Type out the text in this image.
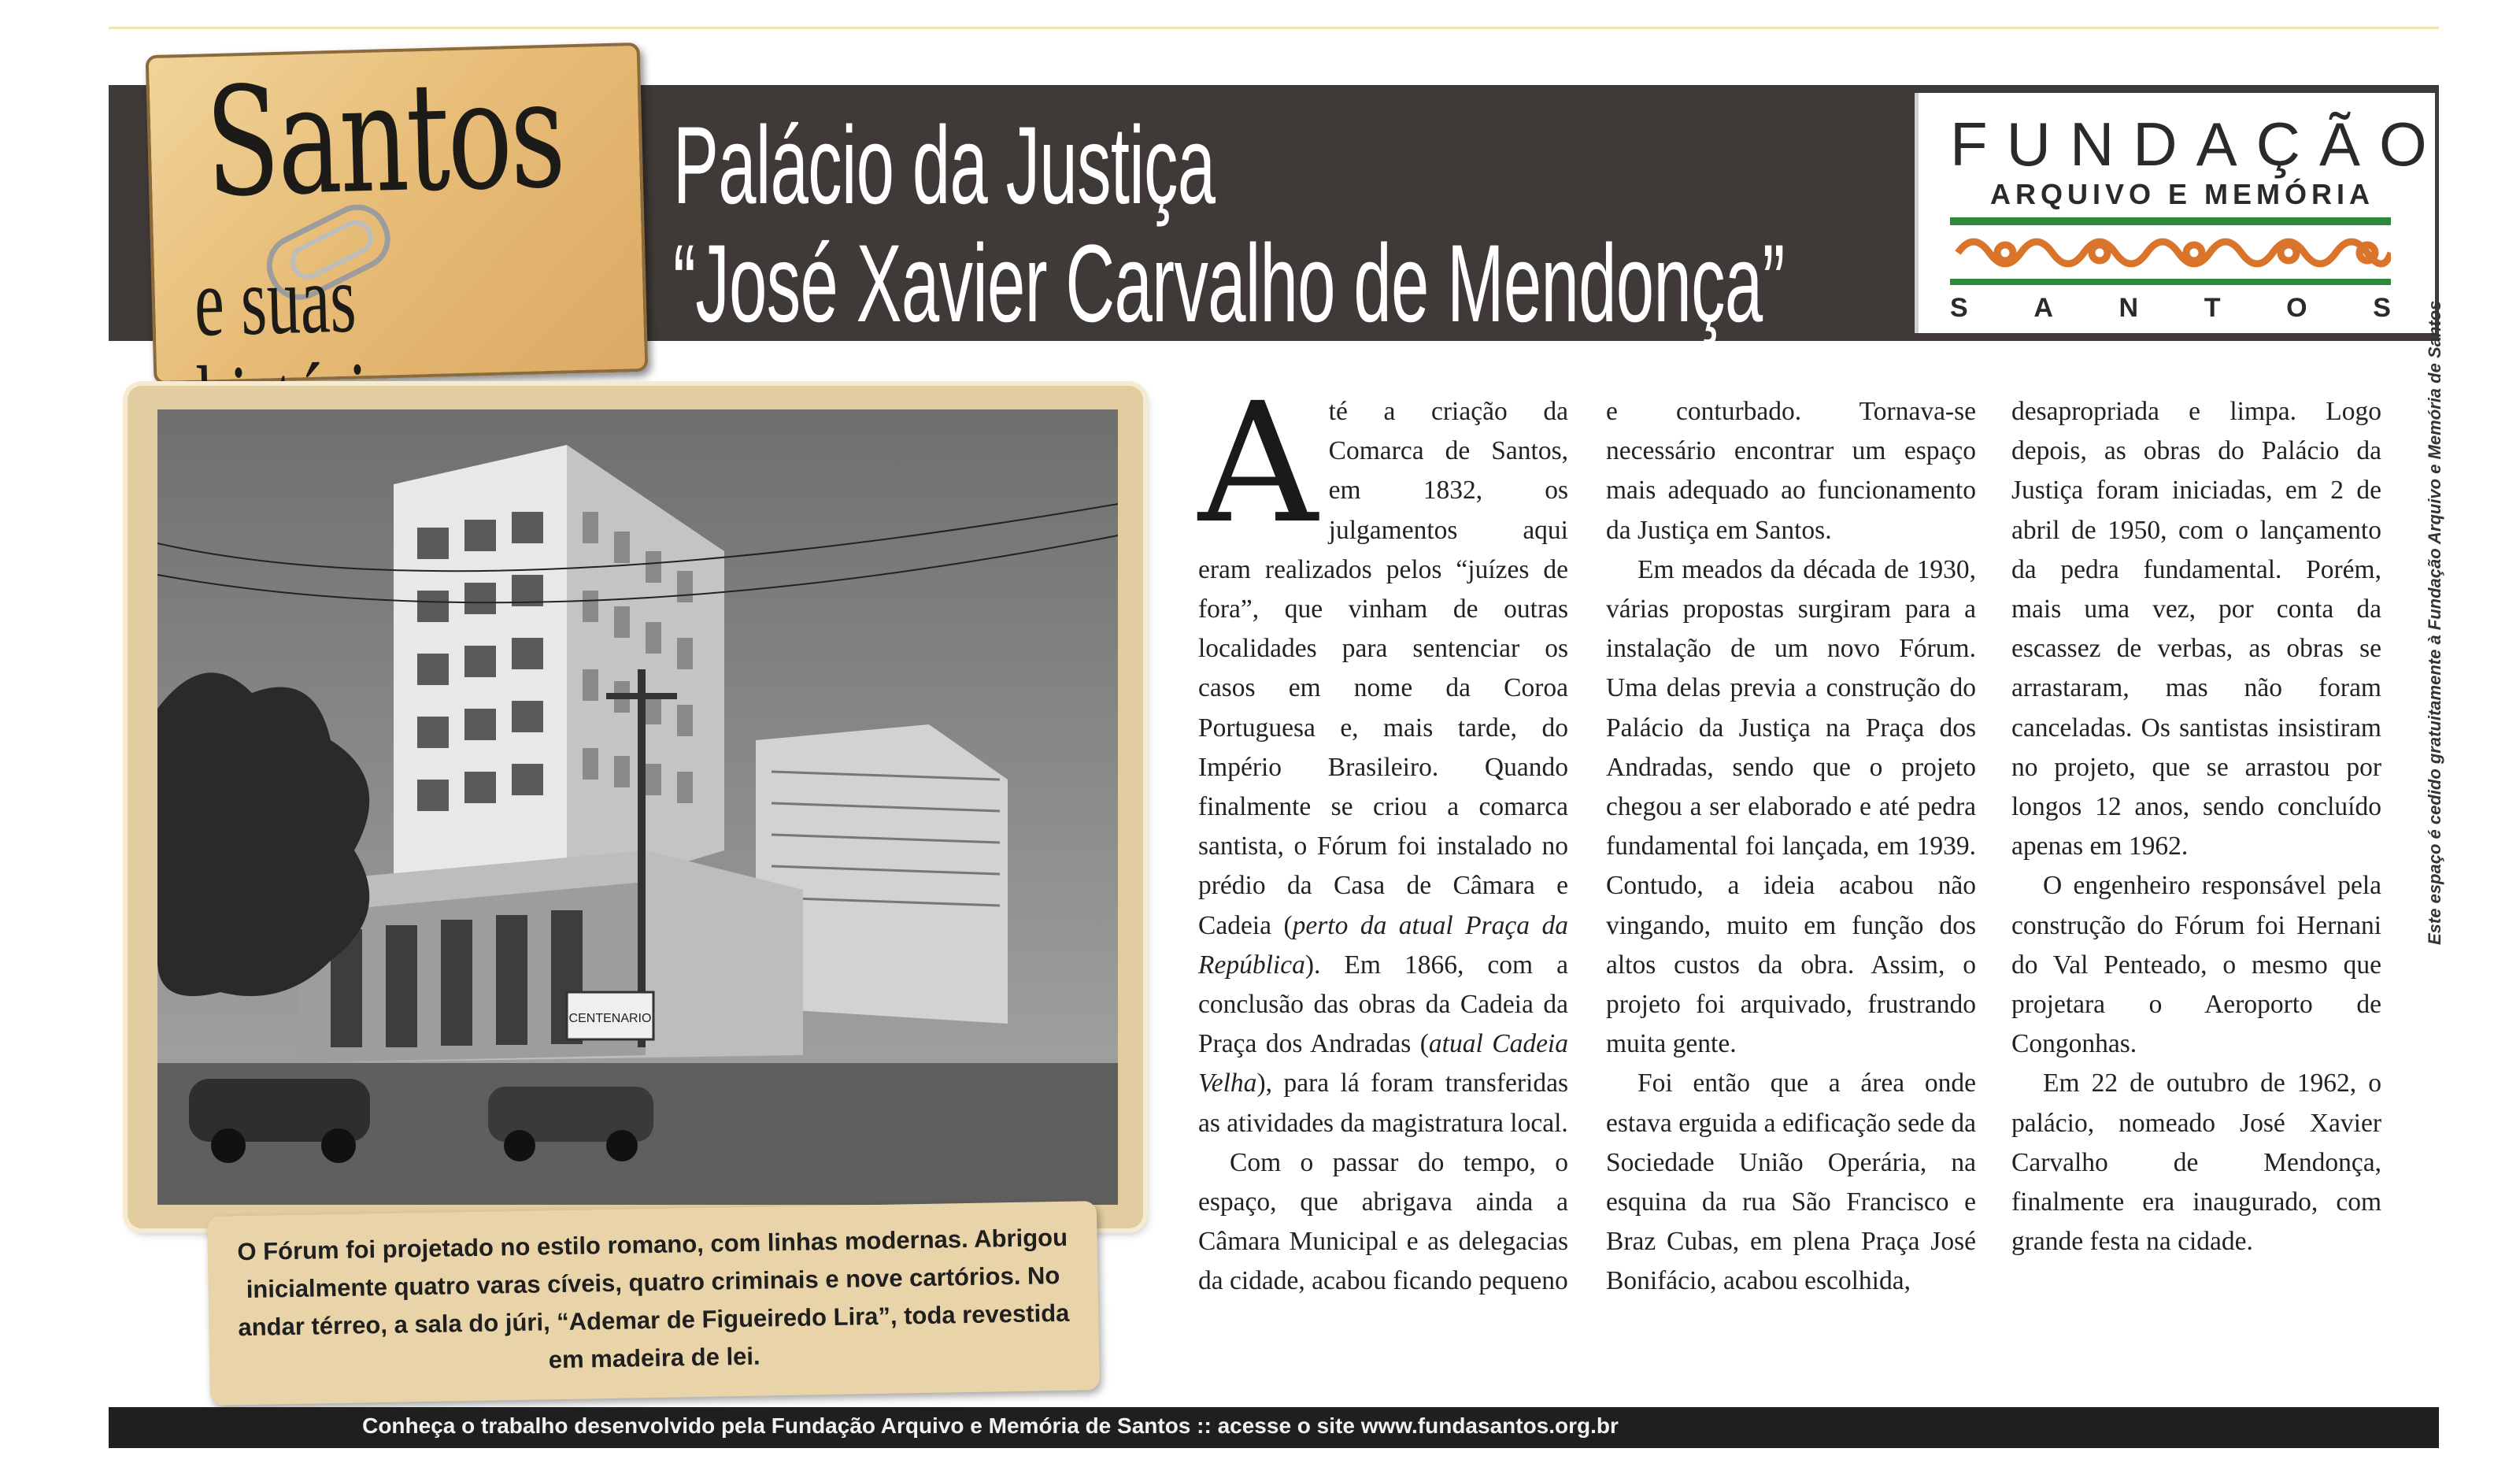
Santos
e suas
Palácio da Justiça
“José Xavier Carvalho de Mendonça”
FUNDAÇÃO
ARQUIVO E MEMÓRIA
S A N T O S
CENTENARIO

O Fórum foi projetado no estilo romano, com linhas modernas. Abrigou inicialmente quatro varas cíveis, quatro criminais e nove cartórios. No andar térreo, a sala do júri, “Ademar de Figueiredo Lira”, toda revestida em madeira de lei.

Até a criação da Comarca de Santos, em 1832, os julgamentos aqui eram realizados pelos “juízes de fora”, que vinham de outras localidades para sentenciar os casos em nome da Coroa Portuguesa e, mais tarde, do Império Brasileiro. Quando finalmente se criou a comarca santista, o Fórum foi instalado no prédio da Casa de Câmara e Cadeia (perto da atual Praça da República). Em 1866, com a conclusão das obras da Cadeia da Praça dos Andradas (atual Cadeia Velha), para lá foram transferidas as atividades da magistratura local.

Com o passar do tempo, o espaço, que abrigava ainda a Câmara Municipal e as delegacias da cidade, acabou ficando pequeno

e conturbado. Tornava-se necessário encontrar um espaço mais adequado ao funcionamento da Justiça em Santos.

Em meados da década de 1930, várias propostas surgiram para a instalação de um novo Fórum. Uma delas previa a construção do Palácio da Justiça na Praça dos Andradas, sendo que o projeto chegou a ser elaborado e até pedra fundamental foi lançada, em 1939. Contudo, a ideia acabou não vingando, muito em função dos altos custos da obra. Assim, o projeto foi arquivado, frustrando muita gente.

Foi então que a área onde estava erguida a edificação sede da Sociedade União Operária, na esquina da rua São Francisco e Braz Cubas, em plena Praça José Bonifácio, acabou escolhida,

desapropriada e limpa. Logo depois, as obras do Palácio da Justiça foram iniciadas, em 2 de abril de 1950, com o lançamento da pedra fundamental. Porém, mais uma vez, por conta da escassez de verbas, as obras se arrastaram, mas não foram canceladas. Os santistas insistiram no projeto, que se arrastou por longos 12 anos, sendo concluído apenas em 1962.

O engenheiro responsável pela construção do Fórum foi Hernani do Val Penteado, o mesmo que projetara o Aeroporto de Congonhas.

Em 22 de outubro de 1962, o palácio, nomeado José Xavier Carvalho de Mendonça, finalmente era inaugurado, com grande festa na cidade.

Este espaço é cedido gratuitamente à Fundação Arquivo e Memória de Santos
Conheça o trabalho desenvolvido pela Fundação Arquivo e Memória de Santos :: acesse o site www.fundasantos.org.br
